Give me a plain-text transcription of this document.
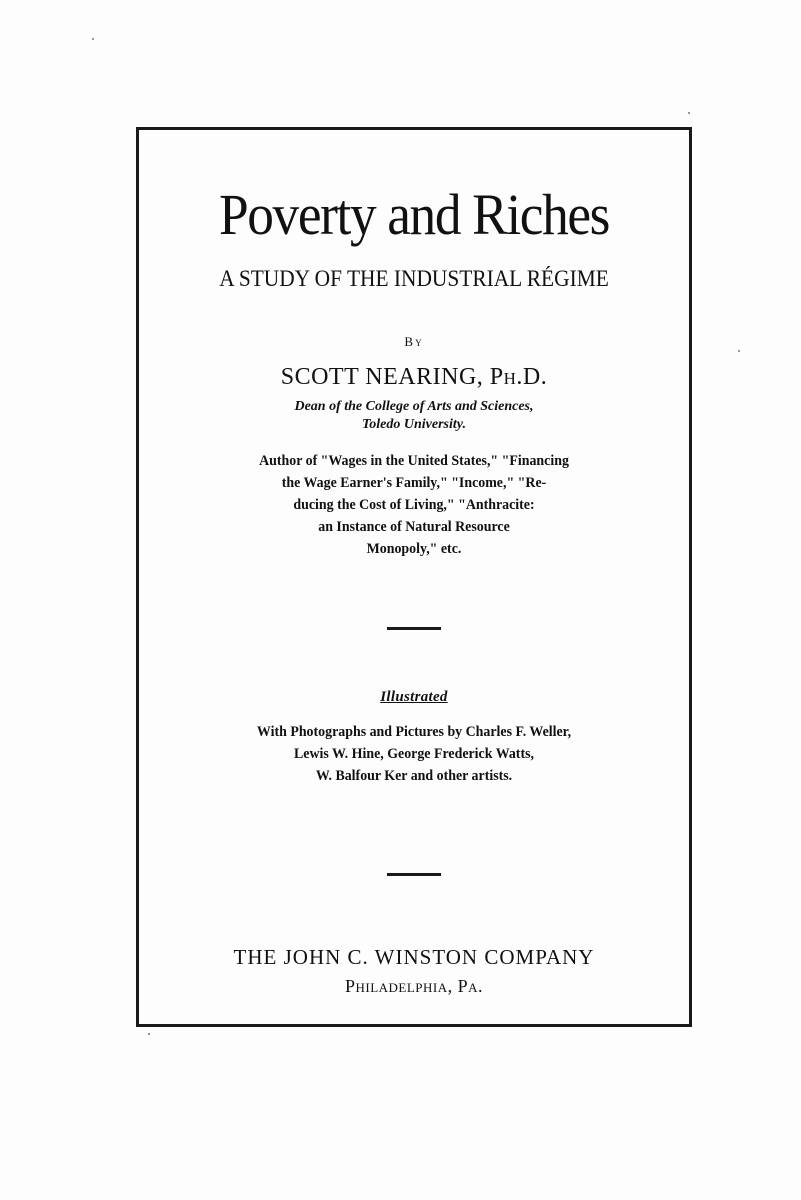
Poverty and Riches
A STUDY OF THE INDUSTRIAL RÉGIME
By
SCOTT NEARING, Ph.D.
Dean of the College of Arts and Sciences,
Toledo University.
Author of "Wages in the United States," "Financing
the Wage Earner's Family," "Income," "Re-
ducing the Cost of Living," "Anthracite:
an Instance of Natural Resource
Monopoly," etc.
Illustrated
With Photographs and Pictures by Charles F. Weller,
Lewis W. Hine, George Frederick Watts,
W. Balfour Ker and other artists.
THE JOHN C. WINSTON COMPANY
Philadelphia, Pa.
